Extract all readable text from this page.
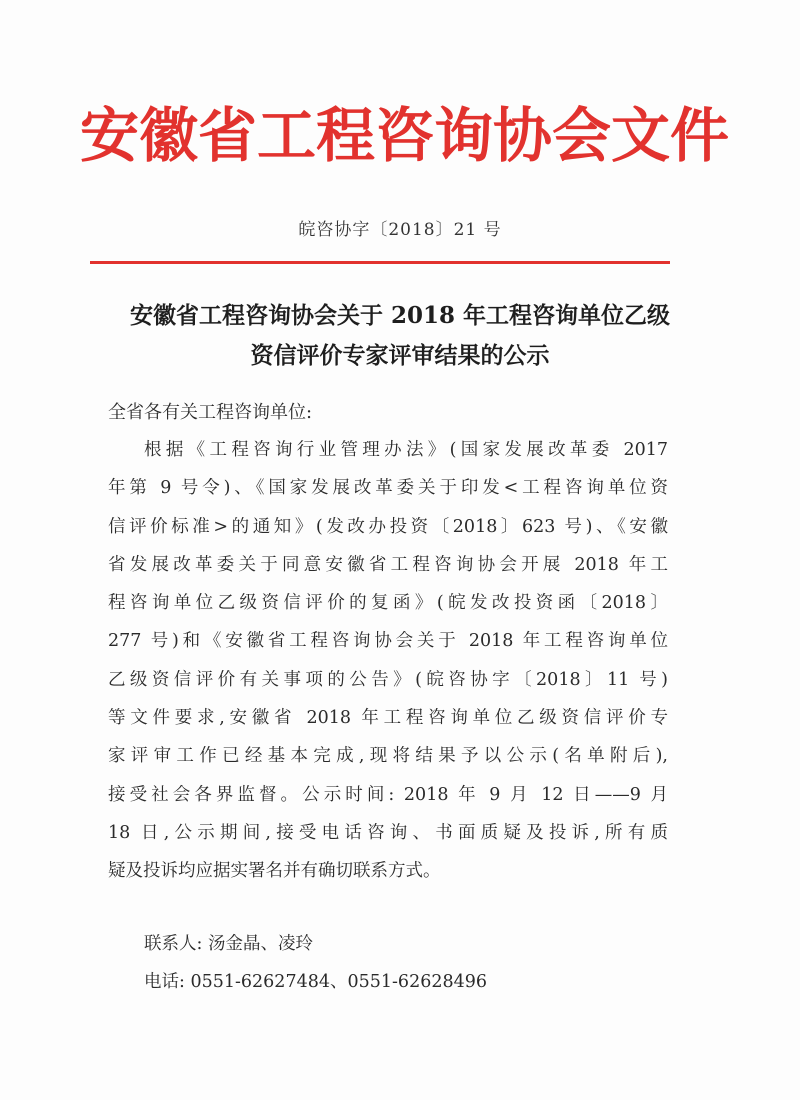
安徽省工程咨询协会文件
皖咨协字〔2018〕21 号
安徽省工程咨询协会关于 2018 年工程咨询单位乙级
资信评价专家评审结果的公示
全省各有关工程咨询单位:
根据《工程咨询行业管理办法》(国家发展改革委 2017
年第 9 号令)、《国家发展改革委关于印发<工程咨询单位资
信评价标准>的通知》(发改办投资〔2018〕623 号)、《安徽
省发展改革委关于同意安徽省工程咨询协会开展 2018 年工
程咨询单位乙级资信评价的复函》(皖发改投资函〔2018〕
277 号)和《安徽省工程咨询协会关于 2018 年工程咨询单位
乙级资信评价有关事项的公告》(皖咨协字〔2018〕11 号)
等文件要求,安徽省 2018 年工程咨询单位乙级资信评价专
家评审工作已经基本完成,现将结果予以公示(名单附后),
接受社会各界监督。公示时间: 2018 年 9 月 12 日——9 月
18 日,公示期间,接受电话咨询、书面质疑及投诉,所有质
疑及投诉均应据实署名并有确切联系方式。
联系人: 汤金晶、凌玲
电话: 0551-62627484、0551-62628496
